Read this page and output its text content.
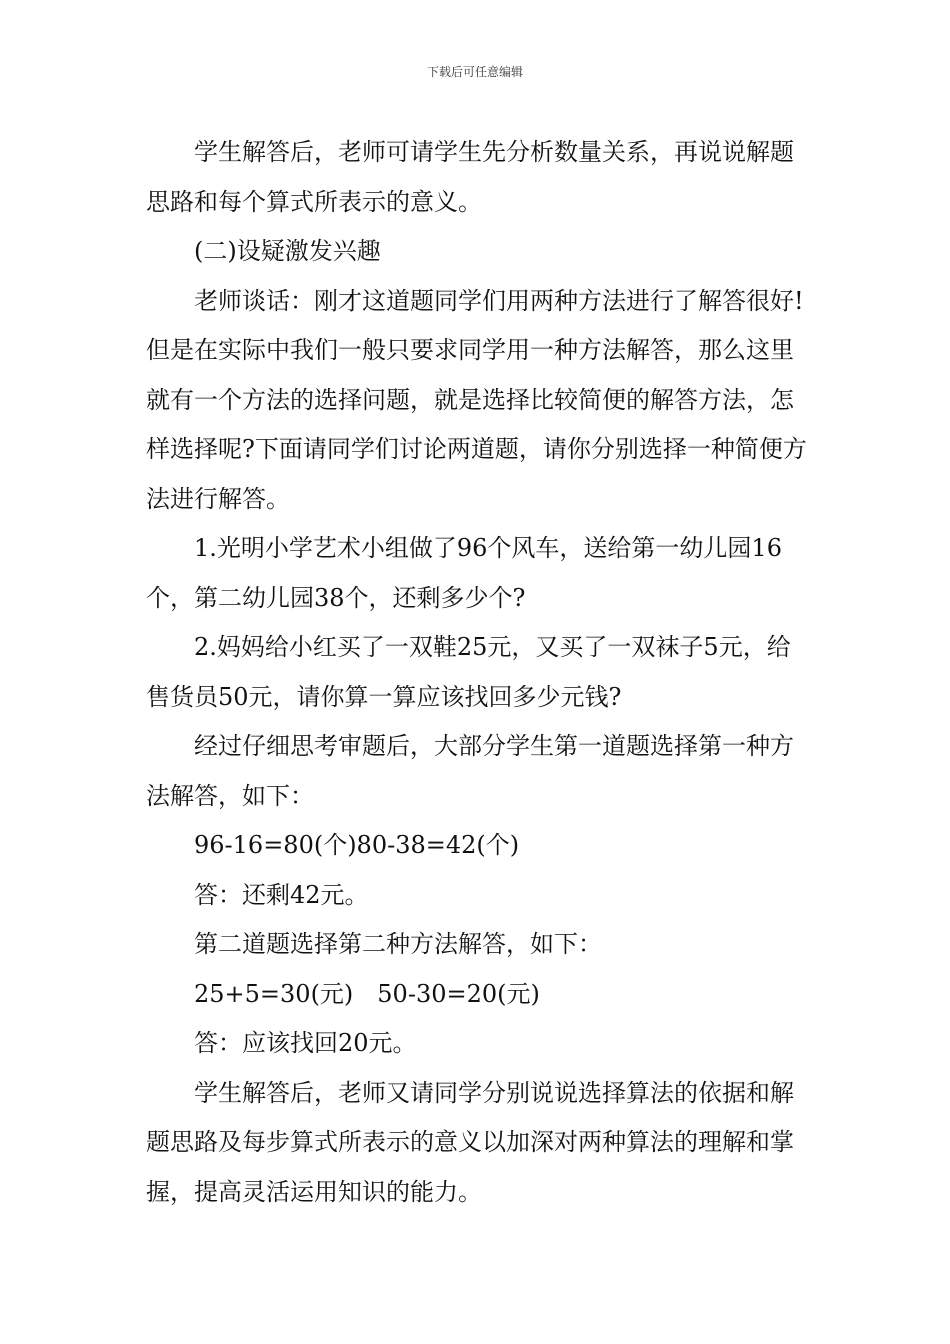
下载后可任意编辑

学生解答后，老师可请学生先分析数量关系，再说说解题思路和每个算式所表示的意义。

(二)设疑激发兴趣

老师谈话：刚才这道题同学们用两种方法进行了解答很好!但是在实际中我们一般只要求同学用一种方法解答，那么这里就有一个方法的选择问题，就是选择比较简便的解答方法，怎样选择呢?下面请同学们讨论两道题，请你分别选择一种简便方法进行解答。

1.光明小学艺术小组做了96个风车，送给第一幼儿园16个，第二幼儿园38个，还剩多少个?

2.妈妈给小红买了一双鞋25元，又买了一双袜子5元，给售货员50元，请你算一算应该找回多少元钱?

经过仔细思考审题后，大部分学生第一道题选择第一种方法解答，如下：

96-16=80(个)80-38=42(个)

答：还剩42元。

第二道题选择第二种方法解答，如下：

25+5=30(元)　50-30=20(元)

答：应该找回20元。

学生解答后，老师又请同学分别说说选择算法的依据和解题思路及每步算式所表示的意义以加深对两种算法的理解和掌握，提高灵活运用知识的能力。
